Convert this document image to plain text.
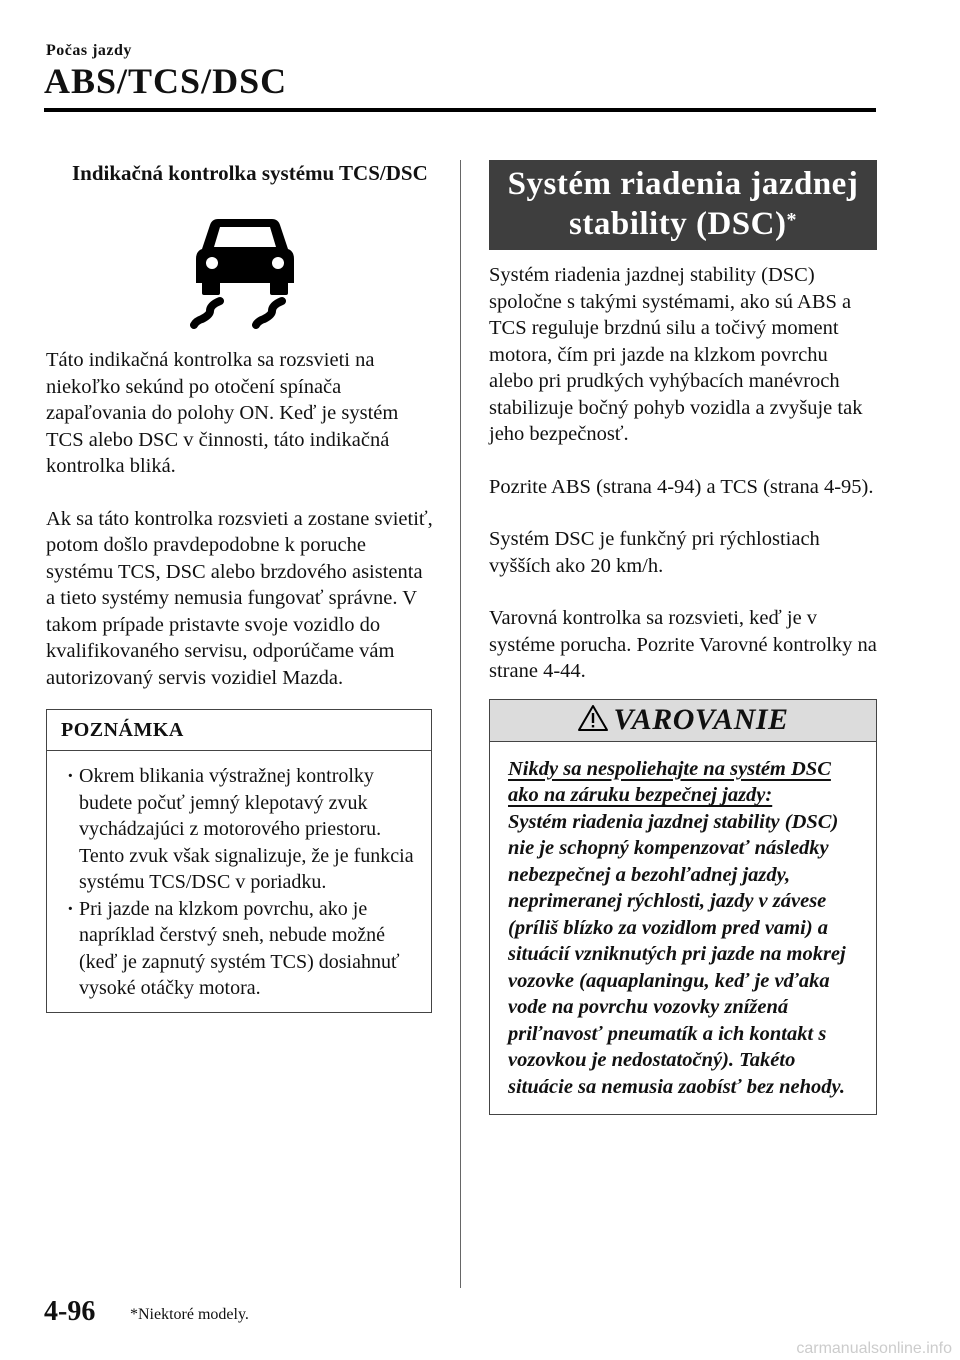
Počas jazdy
ABS/TCS/DSC
Indikačná kontrolka systému TCS/DSC

Táto indikačná kontrolka sa rozsvieti na niekoľko sekúnd po otočení spínača zapaľovania do polohy ON. Keď je systém TCS alebo DSC v činnosti, táto indikačná kontrolka bliká.

Ak sa táto kontrolka rozsvieti a zostane svietiť, potom došlo pravdepodobne k poruche systému TCS, DSC alebo brzdového asistenta a tieto systémy nemusia fungovať správne. V takom prípade pristavte svoje vozidlo do kvalifikovaného servisu, odporúčame vám autorizovaný servis vozidiel Mazda.

POZNÁMKA
· Okrem blikania výstražnej kontrolky budete počuť jemný klepotavý zvuk vychádzajúci z motorového priestoru. Tento zvuk však signalizuje, že je funkcia systému TCS/DSC v poriadku.
· Pri jazde na klzkom povrchu, ako je napríklad čerstvý sneh, nebude možné (keď je zapnutý systém TCS) dosiahnuť vysoké otáčky motora.
Systém riadenia jazdnej stability (DSC)*

Systém riadenia jazdnej stability (DSC) spoločne s takými systémami, ako sú ABS a TCS reguluje brzdnú silu a točivý moment motora, čím pri jazde na klzkom povrchu alebo pri prudkých vyhýbacích manévroch stabilizuje bočný pohyb vozidla a zvyšuje tak jeho bezpečnosť.

Pozrite ABS (strana 4-94) a TCS (strana 4-95).

Systém DSC je funkčný pri rýchlostiach vyšších ako 20 km/h.

Varovná kontrolka sa rozsvieti, keď je v systéme porucha. Pozrite Varovné kontrolky na strane 4-44.

VAROVANIE
Nikdy sa nespoliehajte na systém DSC ako na záruku bezpečnej jazdy:
Systém riadenia jazdnej stability (DSC) nie je schopný kompenzovať následky nebezpečnej a bezohľadnej jazdy, neprimeranej rýchlosti, jazdy v závese (príliš blízko za vozidlom pred vami) a situácií vzniknutých pri jazde na mokrej vozovke (aquaplaningu, keď je vďaka vode na povrchu vozovky znížená priľnavosť pneumatík a ich kontakt s vozovkou je nedostatočný). Takéto situácie sa nemusia zaobísť bez nehody.
4-96 *Niektoré modely.
carmanualsonline.info
